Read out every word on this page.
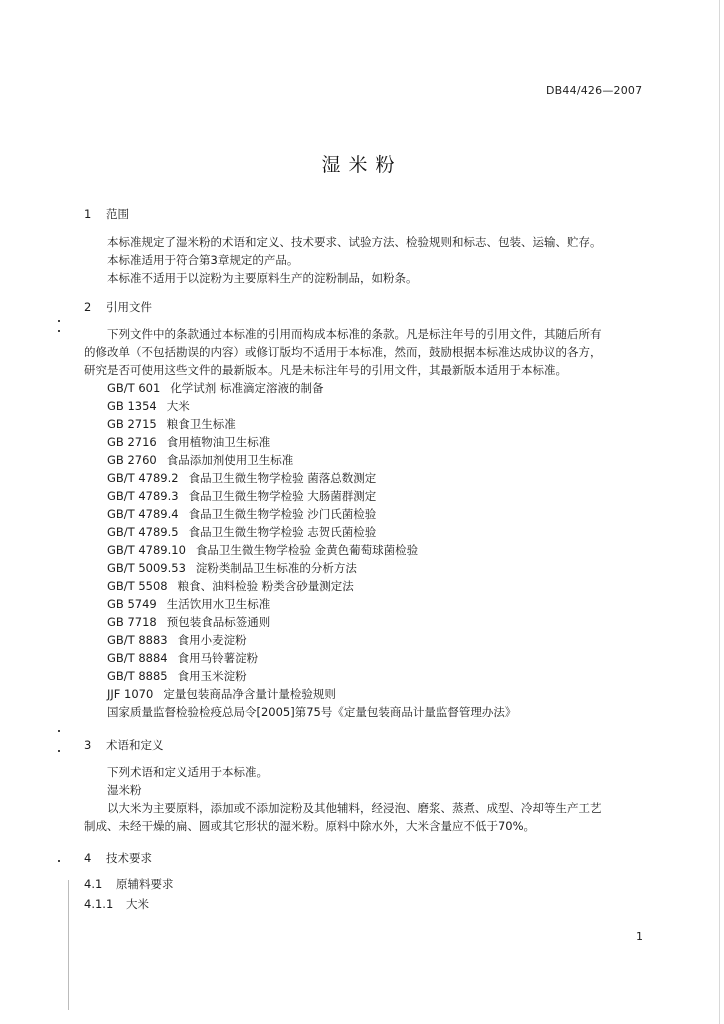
DB44/426—2007
湿米粉
1 范围
本标准规定了湿米粉的术语和定义、技术要求、试验方法、检验规则和标志、包装、运输、贮存。
本标准适用于符合第3章规定的产品。
本标准不适用于以淀粉为主要原料生产的淀粉制品，如粉条。
2 引用文件
下列文件中的条款通过本标准的引用而构成本标准的条款。凡是标注年号的引用文件，其随后所有
的修改单（不包括勘误的内容）或修订版均不适用于本标准，然而，鼓励根据本标准达成协议的各方，
研究是否可使用这些文件的最新版本。凡是未标注年号的引用文件，其最新版本适用于本标准。
GB/T 601 化学试剂 标准滴定溶液的制备
GB 1354 大米
GB 2715 粮食卫生标准
GB 2716 食用植物油卫生标准
GB 2760 食品添加剂使用卫生标准
GB/T 4789.2 食品卫生微生物学检验 菌落总数测定
GB/T 4789.3 食品卫生微生物学检验 大肠菌群测定
GB/T 4789.4 食品卫生微生物学检验 沙门氏菌检验
GB/T 4789.5 食品卫生微生物学检验 志贺氏菌检验
GB/T 4789.10 食品卫生微生物学检验 金黄色葡萄球菌检验
GB/T 5009.53 淀粉类制品卫生标准的分析方法
GB/T 5508 粮食、油料检验 粉类含砂量测定法
GB 5749 生活饮用水卫生标准
GB 7718 预包装食品标签通则
GB/T 8883 食用小麦淀粉
GB/T 8884 食用马铃薯淀粉
GB/T 8885 食用玉米淀粉
JJF 1070 定量包装商品净含量计量检验规则
国家质量监督检验检疫总局令[2005]第75号《定量包装商品计量监督管理办法》
3 术语和定义
下列术语和定义适用于本标准。
湿米粉
以大米为主要原料，添加或不添加淀粉及其他辅料，经浸泡、磨浆、蒸煮、成型、冷却等生产工艺
制成、未经干燥的扁、圆或其它形状的湿米粉。原料中除水外，大米含量应不低于70%。
4 技术要求
4.1 原辅料要求
4.1.1 大米
1
